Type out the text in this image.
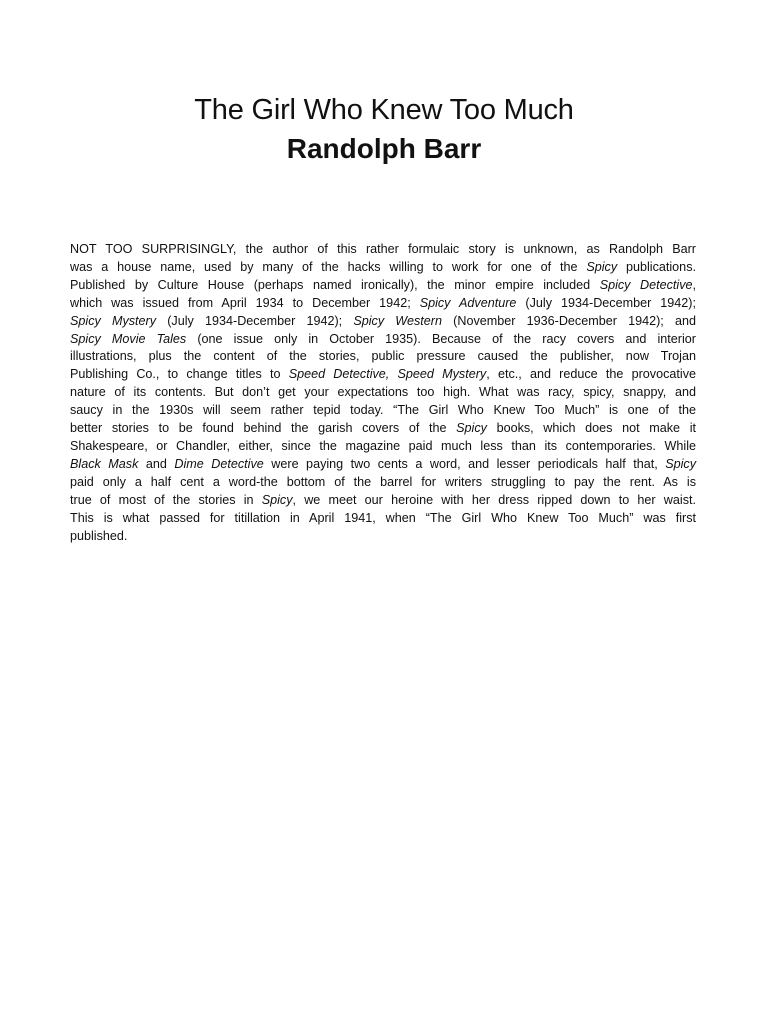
The Girl Who Knew Too Much
Randolph Barr
NOT TOO SURPRISINGLY, the author of this rather formulaic story is unknown, as Randolph Barr
was a house name, used by many of the hacks willing to work for one of the Spicy publications.
Published by Culture House (perhaps named ironically), the minor empire included Spicy Detective,
which was issued from April 1934 to December 1942; Spicy Adventure (July 1934-December 1942);
Spicy Mystery (July 1934-December 1942); Spicy Western (November 1936-December 1942); and
Spicy Movie Tales (one issue only in October 1935). Because of the racy covers and interior
illustrations, plus the content of the stories, public pressure caused the publisher, now Trojan
Publishing Co., to change titles to Speed Detective, Speed Mystery, etc., and reduce the provocative
nature of its contents. But don’t get your expectations too high. What was racy, spicy, snappy, and
saucy in the 1930s will seem rather tepid today. “The Girl Who Knew Too Much” is one of the
better stories to be found behind the garish covers of the Spicy books, which does not make it
Shakespeare, or Chandler, either, since the magazine paid much less than its contemporaries. While
Black Mask and Dime Detective were paying two cents a word, and lesser periodicals half that, Spicy
paid only a half cent a word-the bottom of the barrel for writers struggling to pay the rent. As is
true of most of the stories in Spicy, we meet our heroine with her dress ripped down to her waist.
This is what passed for titillation in April 1941, when “The Girl Who Knew Too Much” was first
published.
